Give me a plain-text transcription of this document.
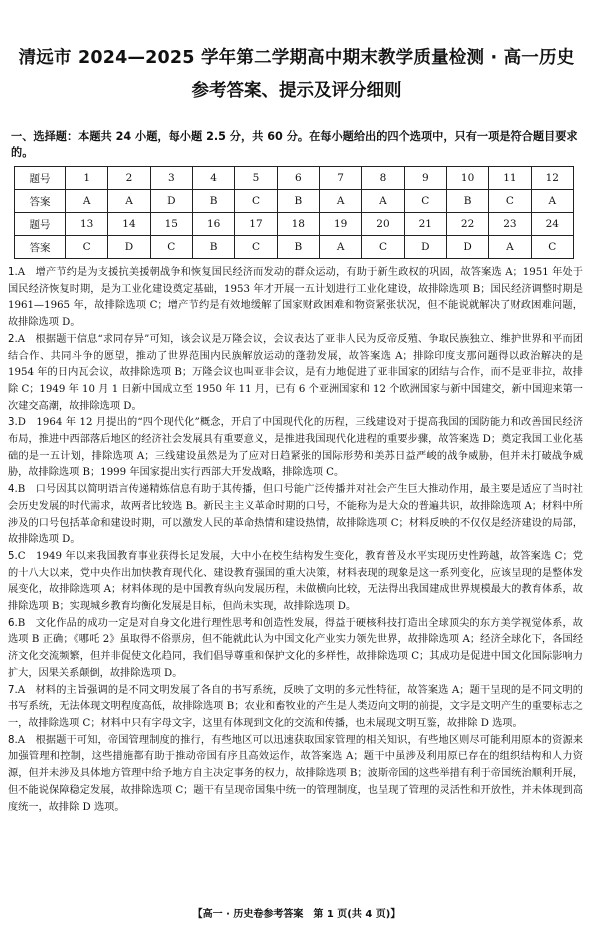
清远市 2024—2025 学年第二学期高中期末教学质量检测 · 高一历史
参考答案、提示及评分细则
一、选择题：本题共 24 小题，每小题 2.5 分，共 60 分。在每小题给出的四个选项中，只有一项是符合题目要求的。
题号	1	2	3	4	5	6	7	8	9	10	11	12
答案	A	A	D	B	C	B	A	A	C	B	C	A
题号	13	14	15	16	17	18	19	20	21	22	23	24
答案	C	D	C	B	C	B	A	C	D	D	A	C
1.A　增产节约是为支援抗美援朝战争和恢复国民经济而发动的群众运动，有助于新生政权的巩固，故答案选 A；1951 年处于国民经济恢复时期，是为工业化建设奠定基础，1953 年才开展一五计划进行工业化建设，故排除选项 B；国民经济调整时期是 1961—1965 年，故排除选项 C；增产节约是有效地缓解了国家财政困难和物资紧张状况，但不能说就解决了财政困难问题，故排除选项 D。
2.A　根据题干信息“求同存异”可知，该会议是万隆会议，会议表达了亚非人民为反帝反殖、争取民族独立、维护世界和平而团结合作、共同斗争的愿望，推动了世界范围内民族解放运动的蓬勃发展，故答案选 A；排除印度支那问题得以政治解决的是 1954 年的日内瓦会议，故排除选项 B；万隆会议也叫亚非会议，是有力地促进了亚非国家的团结与合作，而不是亚非拉，故排除 C；1949 年 10 月 1 日新中国成立至 1950 年 11 月，已有 6 个亚洲国家和 12 个欧洲国家与新中国建交，新中国迎来第一次建交高潮，故排除选项 D。
3.D　1964 年 12 月提出的“四个现代化”概念，开启了中国现代化的历程，三线建设对于提高我国的国防能力和改善国民经济布局，推进中西部落后地区的经济社会发展具有重要意义，是推进我国现代化进程的重要步骤，故答案选 D；奠定我国工业化基础的是一五计划，排除选项 A；三线建设虽然是为了应对日趋紧张的国际形势和美苏日益严峻的战争威胁，但并未打破战争威胁，故排除选项 B；1999 年国家提出实行西部大开发战略，排除选项 C。
4.B　口号因其以简明语言传递精炼信息有助于其传播，但口号能广泛传播并对社会产生巨大推动作用，最主要是适应了当时社会历史发展的时代需求，故两者比较选 B。新民主主义革命时期的口号，不能称为是大众的普遍共识，故排除选项 A；材料中所涉及的口号包括革命和建设时期，可以激发人民的革命热情和建设热情，故排除选项 C；材料反映的不仅仅是经济建设的局部，故排除选项 D。
5.C　1949 年以来我国教育事业获得长足发展，大中小在校生结构发生变化，教育普及水平实现历史性跨越，故答案选 C；党的十八大以来，党中央作出加快教育现代化、建设教育强国的重大决策，材料表现的现象是这一系列变化，应该呈现的是整体发展变化，故排除选项 A；材料体现的是中国教育纵向发展历程，未做横向比较，无法得出我国建成世界规模最大的教育体系，故排除选项 B；实现城乡教育均衡化发展是目标，但尚未实现，故排除选项 D。
6.B　文化作品的成功一定是对自身文化进行理性思考和创造性发展，得益于硬核科技打造出全球顶尖的东方美学视觉体系，故选项 B 正确；《哪吒 2》虽取得不俗票房，但不能就此认为中国文化产业实力领先世界，故排除选项 A；经济全球化下，各国经济文化交流频繁，但并非促使文化趋同，我们倡导尊重和保护文化的多样性，故排除选项 C；其成功是促进中国文化国际影响力扩大，因果关系颠倒，故排除选项 D。
7.A　材料的主旨强调的是不同文明发展了各自的书写系统，反映了文明的多元性特征，故答案选 A；题干呈现的是不同文明的书写系统，无法体现文明程度高低，故排除选项 B；农业和畜牧业的产生是人类迈向文明的前提，文字是文明产生的重要标志之一，故排除选项 C；材料中只有字母文字，这里有体现到文化的交流和传播，也未展现文明互鉴，故排除 D 选项。
8.A　根据题干可知，帝国管理制度的推行，有些地区可以迅速获取国家管理的相关知识，有些地区则尽可能利用原本的资源来加强管理和控制，这些措施都有助于推动帝国有序且高效运作，故答案选 A；题干中虽涉及利用原已存在的组织结构和人力资源，但并未涉及具体地方管理中给予地方自主决定事务的权力，故排除选项 B；波斯帝国的这些举措有利于帝国统治顺利开展，但不能说保障稳定发展，故排除选项 C；题干有呈现帝国集中统一的管理制度，也呈现了管理的灵活性和开放性，并未体现到高度统一，故排除 D 选项。
【高一 · 历史卷参考答案　第 1 页(共 4 页)】
